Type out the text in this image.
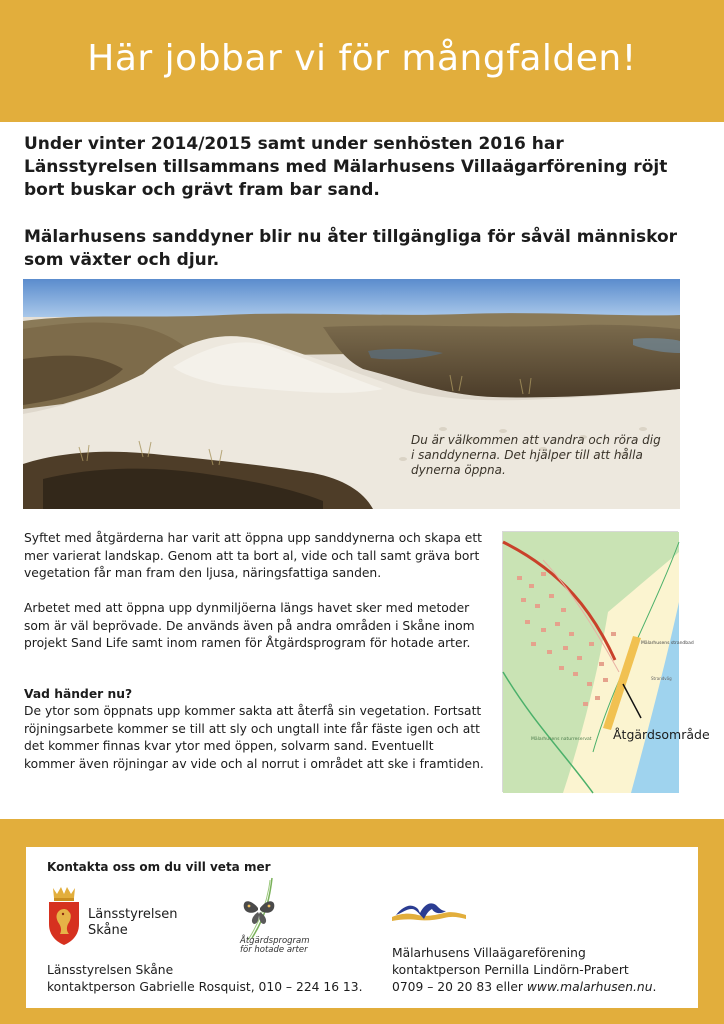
Här jobbar vi för mångfalden!

Under vinter 2014/2015 samt under senhösten 2016 har Länsstyrelsen tillsammans med Mälarhusens Villaägarförening röjt bort buskar och grävt fram bar sand.

Mälarhusens sanddyner blir nu åter tillgängliga för såväl människor som växter och djur.

Du är välkommen att vandra och röra dig i sanddynerna. Det hjälper till att hålla dynerna öppna.

Syftet med åtgärderna har varit att öppna upp sanddynerna och skapa ett mer varierat landskap. Genom att ta bort al, vide och tall samt gräva bort vegetation får man fram den ljusa, näringsfattiga sanden.

Arbetet med att öppna upp dynmiljöerna längs havet sker med metoder som är väl beprövade. De används även på andra områden i Skåne inom projekt Sand Life samt inom ramen för Åtgärdsprogram för hotade arter.

Vad händer nu?

De ytor som öppnats upp kommer sakta att återfå sin vegetation. Fortsatt röjningsarbete kommer se till att sly och ungtall inte får fäste igen och att det kommer finnas kvar ytor med öppen, solvarm sand. Eventuellt kommer även röjningar av vide och al norrut i området att ske i framtiden.

Mälarhusens strandbad
Strandväg
Mälarhusens naturreservat Åtgärdsområde

Kontakta oss om du vill veta mer

Länsstyrelsen
Skåne

Åtgärdsprogram
för hotade arter

Länsstyrelsen Skåne
kontaktperson Gabrielle Rosquist, 010 – 224 16 13.

Mälarhusens Villaägareförening
kontaktperson Pernilla Lindörn-Prabert
0709 – 20 20 83 eller www.malarhusen.nu.
